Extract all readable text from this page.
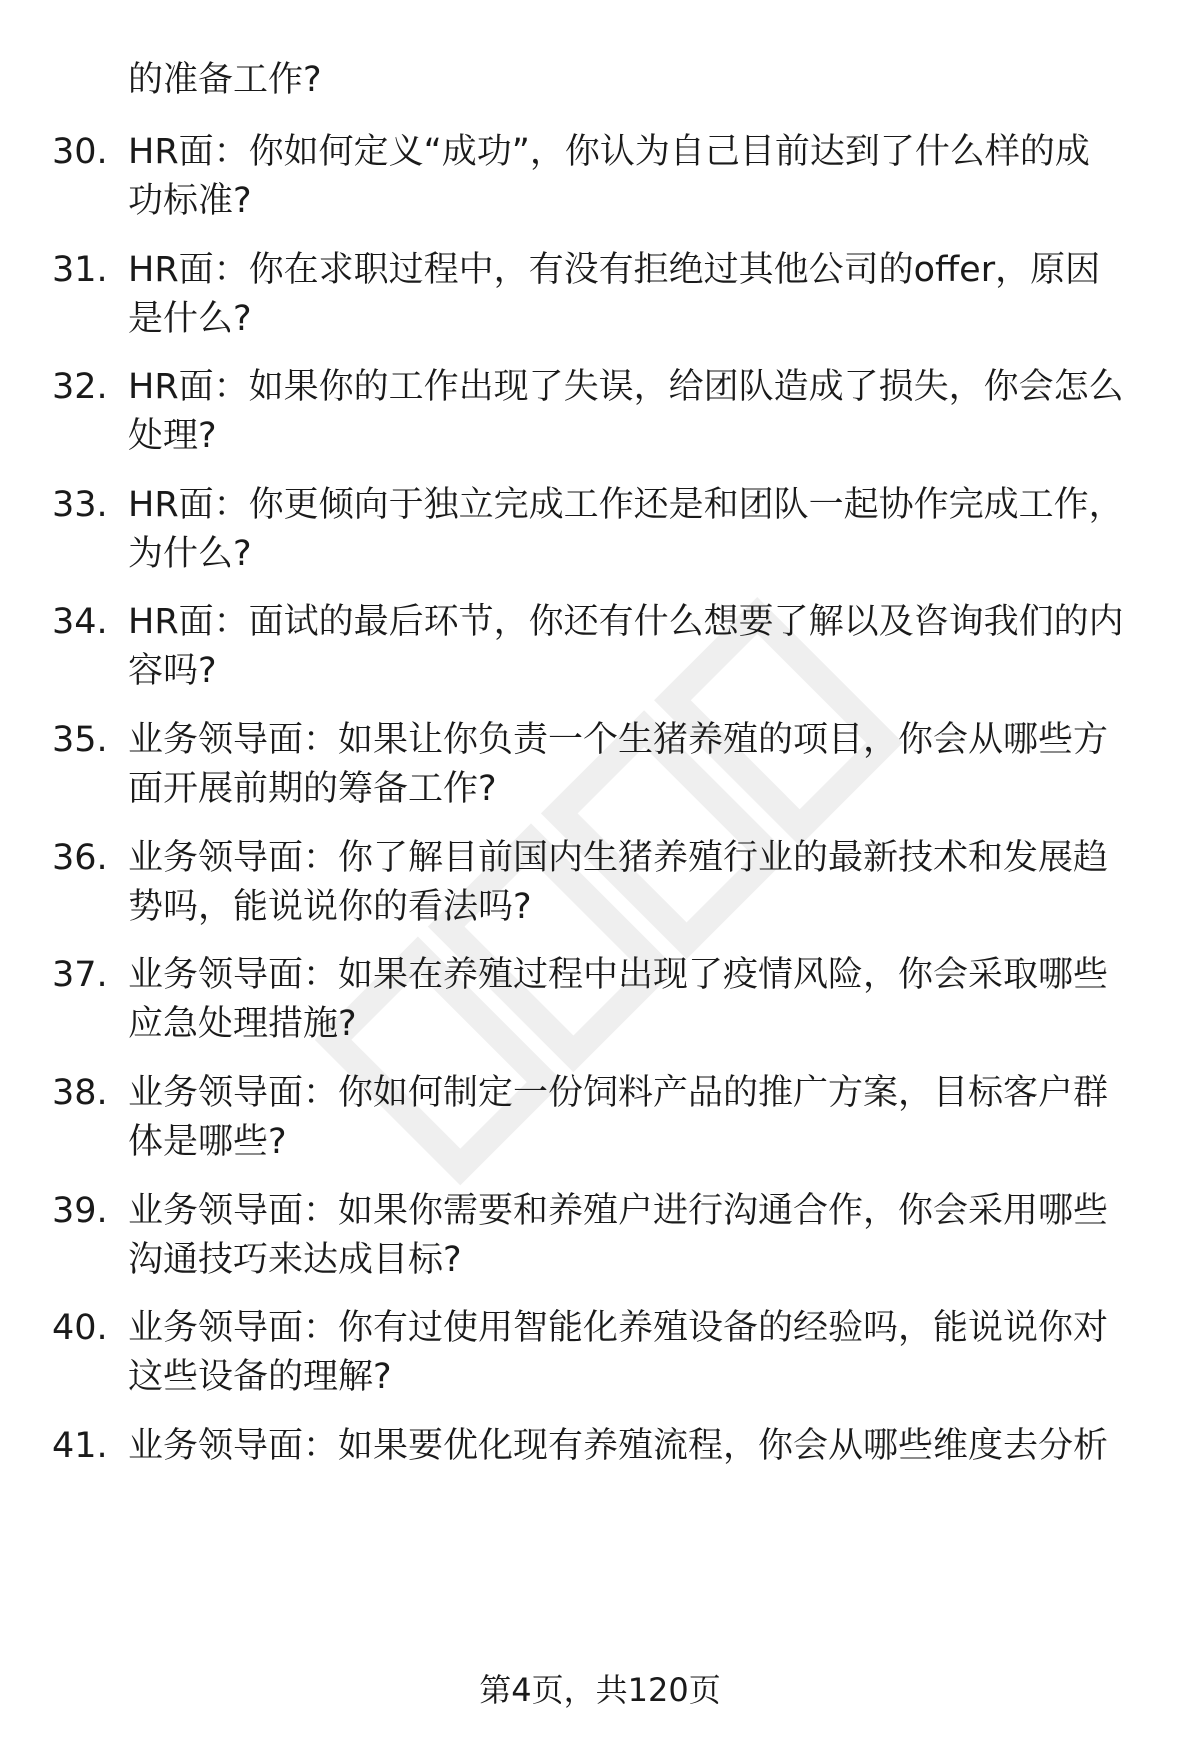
的准备工作?
30. HR面：你如何定义“成功”，你认为自己目前达到了什么样的成
功标准?
31. HR面：你在求职过程中，有没有拒绝过其他公司的offer，原因
是什么?
32. HR面：如果你的工作出现了失误，给团队造成了损失，你会怎么
处理?
33. HR面：你更倾向于独立完成工作还是和团队一起协作完成工作，
为什么?
34. HR面：面试的最后环节，你还有什么想要了解以及咨询我们的内
容吗?
35. 业务领导面：如果让你负责一个生猪养殖的项目，你会从哪些方
面开展前期的筹备工作?
36. 业务领导面：你了解目前国内生猪养殖行业的最新技术和发展趋
势吗，能说说你的看法吗?
37. 业务领导面：如果在养殖过程中出现了疫情风险，你会采取哪些
应急处理措施?
38. 业务领导面：你如何制定一份饲料产品的推广方案，目标客户群
体是哪些?
39. 业务领导面：如果你需要和养殖户进行沟通合作，你会采用哪些
沟通技巧来达成目标?
40. 业务领导面：你有过使用智能化养殖设备的经验吗，能说说你对
这些设备的理解?
41. 业务领导面：如果要优化现有养殖流程，你会从哪些维度去分析
第4页，共120页
